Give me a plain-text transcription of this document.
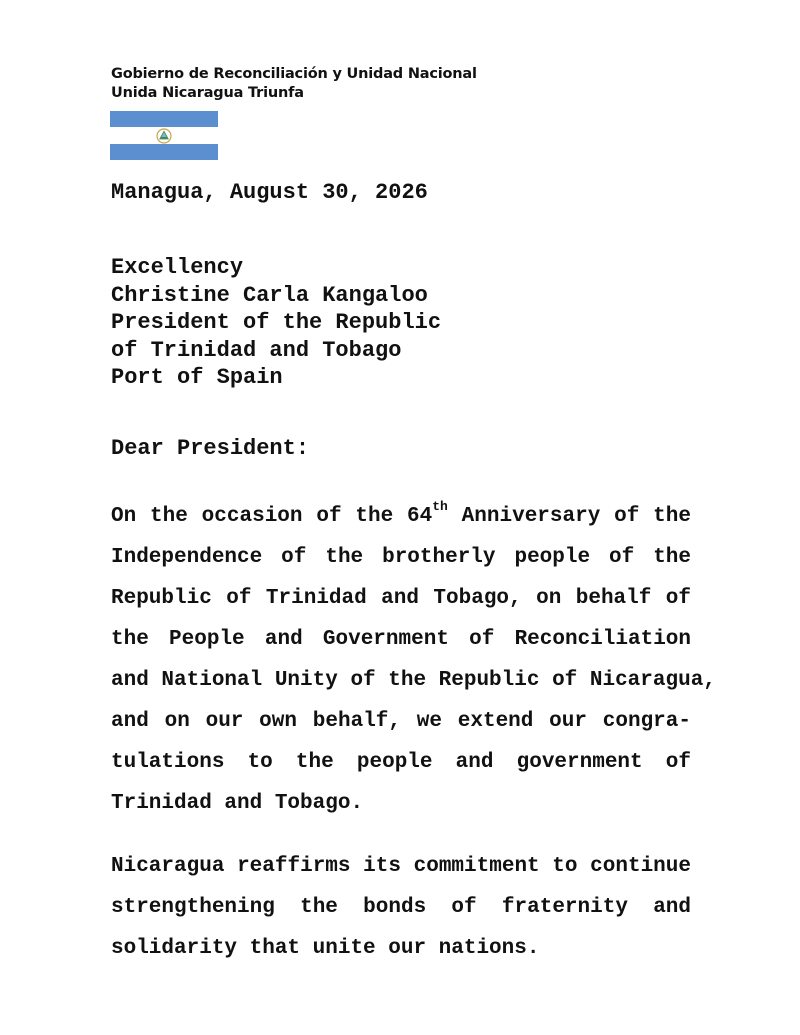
Gobierno de Reconciliación y Unidad Nacional
Unida Nicaragua Triunfa
Managua, August 30, 2026
Excellency
Christine Carla Kangaloo
President of the Republic
of Trinidad and Tobago
Port of Spain
Dear President:
On the occasion of the 64th Anniversary of the
Independence of the brotherly people of the
Republic of Trinidad and Tobago, on behalf of
the People and Government of Reconciliation
and National Unity of the Republic of Nicaragua,
and on our own behalf, we extend our congra-
tulations to the people and government of
Trinidad and Tobago.
Nicaragua reaffirms its commitment to continue
strengthening the bonds of fraternity and
solidarity that unite our nations.
